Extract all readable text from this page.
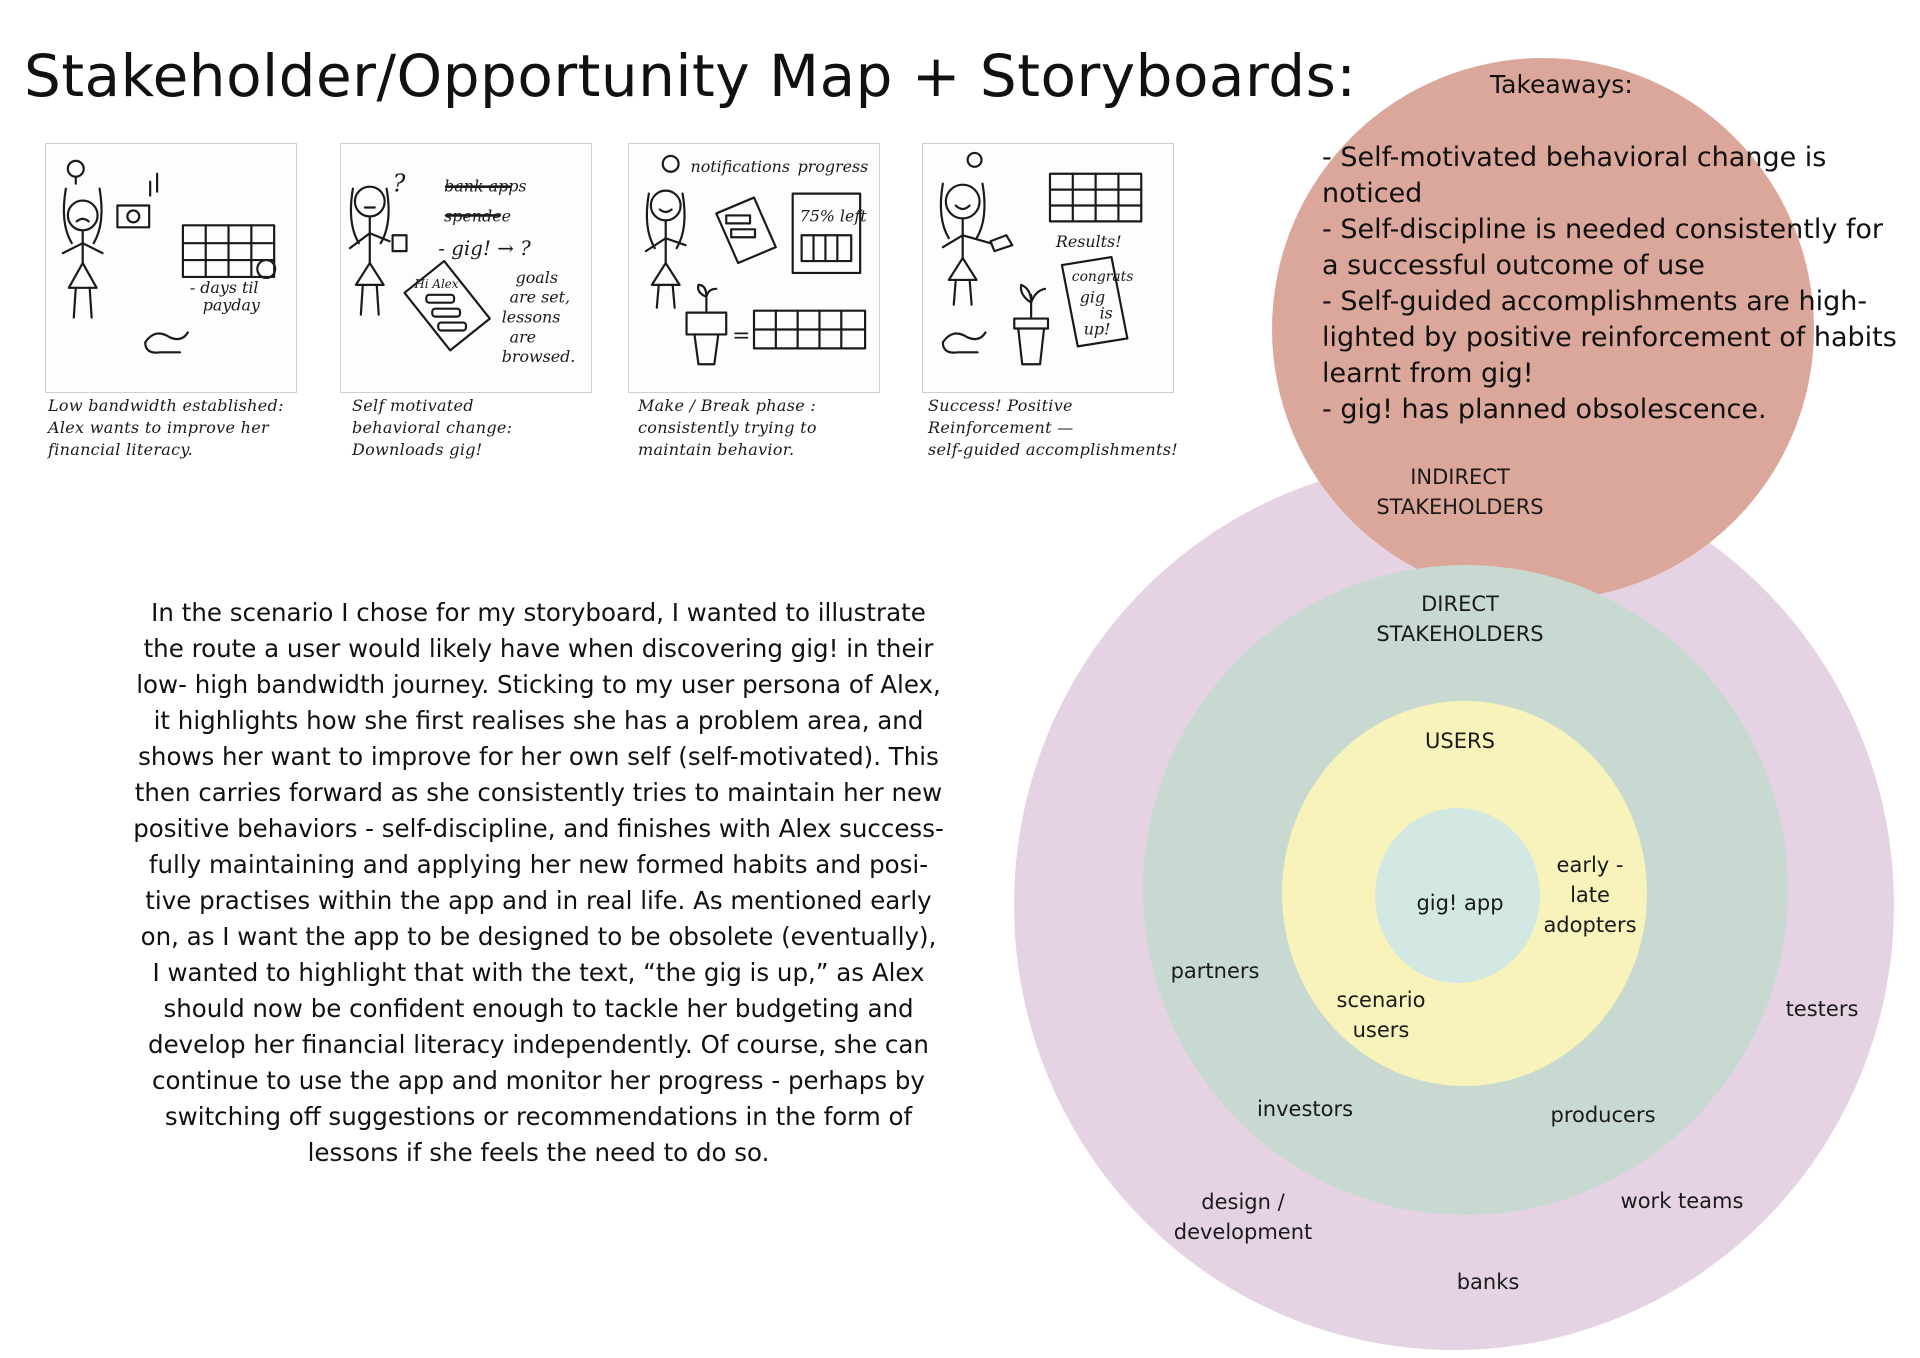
Stakeholder/Opportunity Map + Storyboards:
- days til
payday
Low bandwidth established:
Alex wants to improve her
financial literacy.
? bank apps
spendee
- gig! → ?
Hi Alex	goals
are set,
lessons
are
browsed.
Self motivated
behavioral change:
Downloads gig!
notifications progress
75% left
=
Make / Break phase :
consistently trying to
maintain behavior.
Results!
congrats
gig
is
up!
Success! Positive
Reinforcement —
self-guided accomplishments!
In the scenario I chose for my storyboard, I wanted to illustrate
the route a user would likely have when discovering gig! in their
low- high bandwidth journey. Sticking to my user persona of Alex,
it highlights how she first realises she has a problem area, and
shows her want to improve for her own self (self-motivated). This
then carries forward as she consistently tries to maintain her new
positive behaviors - self-discipline, and finishes with Alex success-
fully maintaining and applying her new formed habits and posi-
tive practises within the app and in real life. As mentioned early
on, as I want the app to be designed to be obsolete (eventually),
I wanted to highlight that with the text, “the gig is up,” as Alex
should now be confident enough to tackle her budgeting and
develop her financial literacy independently. Of course, she can
continue to use the app and monitor her progress - perhaps by
switching off suggestions or recommendations in the form of
lessons if she feels the need to do so.
Takeaways:
- Self-motivated behavioral change is
noticed
- Self-discipline is needed consistently for
a successful outcome of use
- Self-guided accomplishments are high-
lighted by positive reinforcement of habits
learnt from gig!
- gig! has planned obsolescence.
INDIRECT
STAKEHOLDERS
DIRECT
STAKEHOLDERS
USERS
gig! app
early -
late
adopters
scenario
users
partners
investors	producers
testers
design /
development
work teams
banks
